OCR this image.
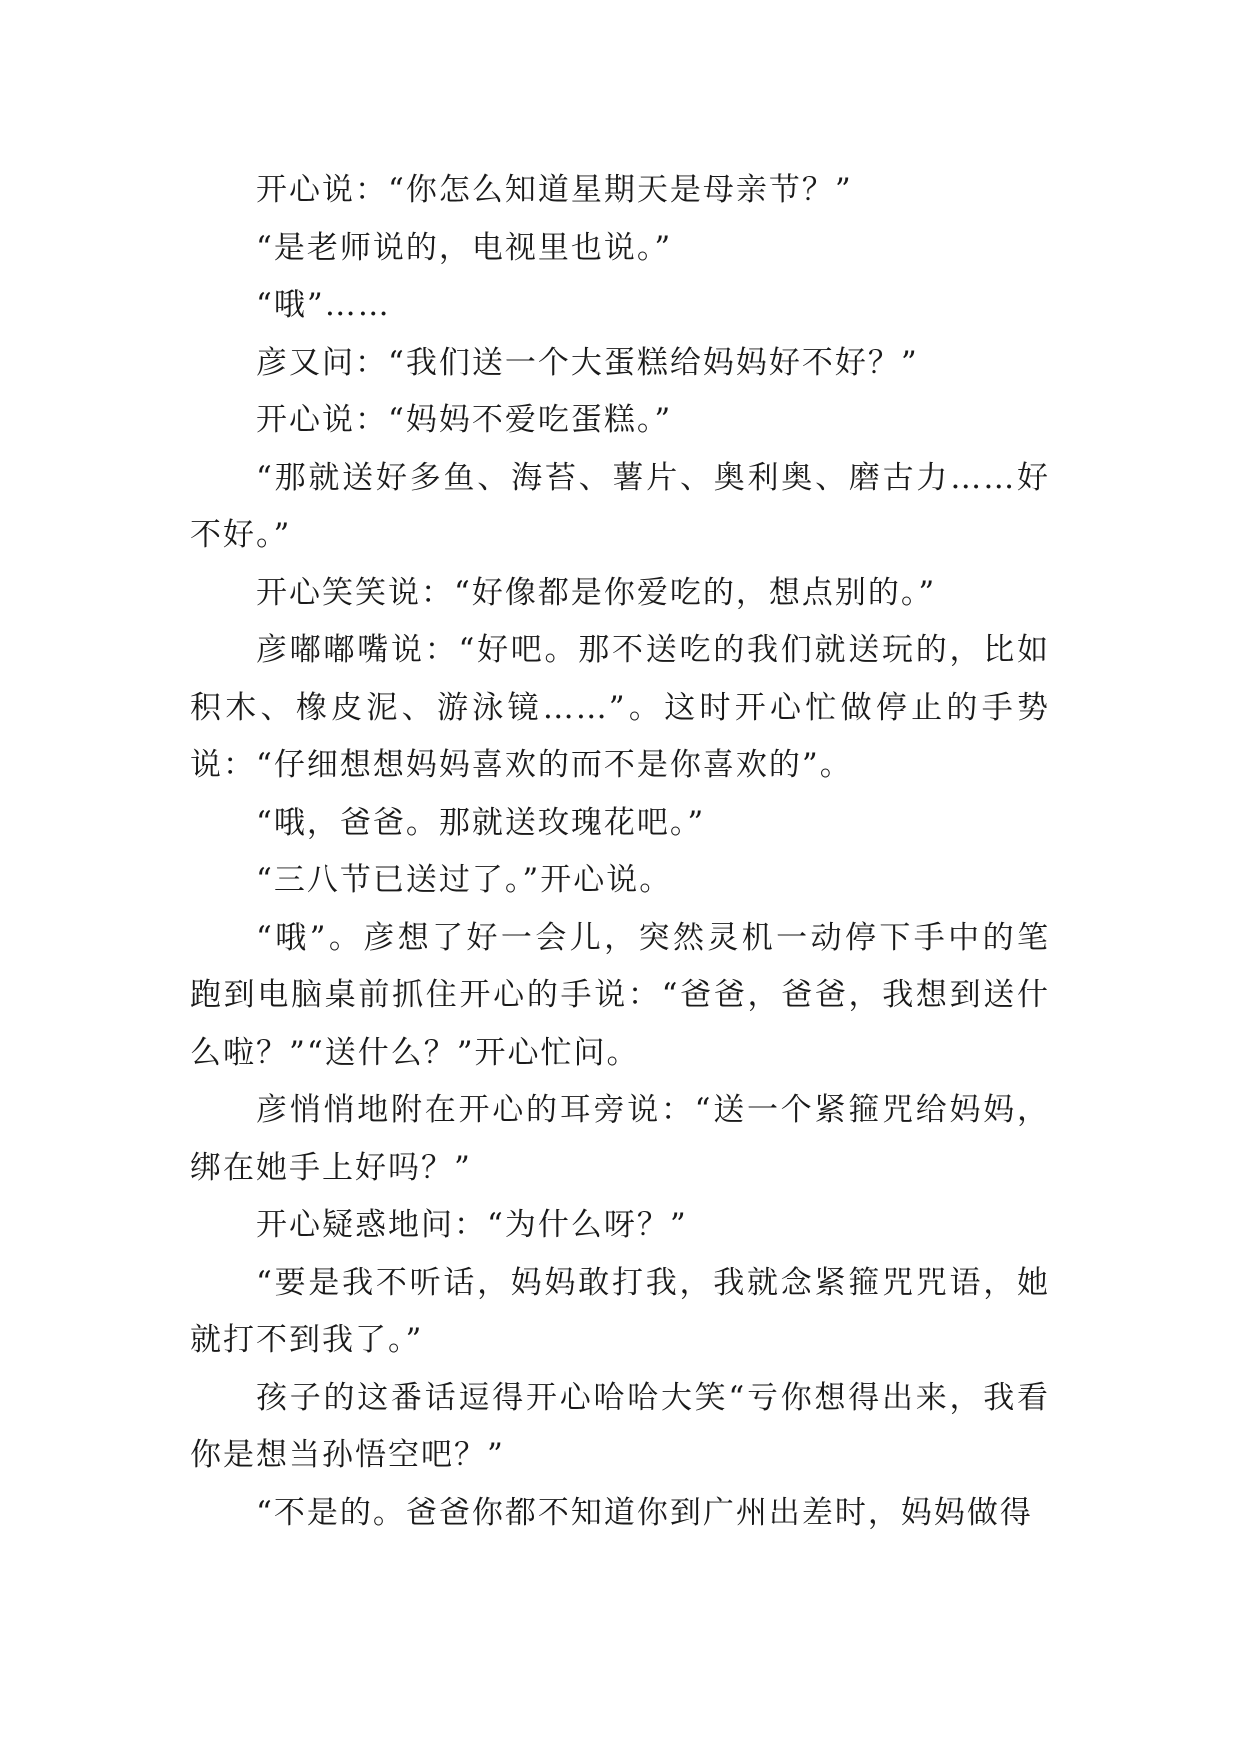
开心说：“你怎么知道星期天是母亲节？”

“是老师说的，电视里也说。”

“哦”……

彦又问：“我们送一个大蛋糕给妈妈好不好？”

开心说：“妈妈不爱吃蛋糕。”

“那就送好多鱼、海苔、薯片、奥利奥、磨古力……好不好。”

开心笑笑说：“好像都是你爱吃的，想点别的。”

彦嘟嘟嘴说：“好吧。那不送吃的我们就送玩的，比如积木、橡皮泥、游泳镜……”。这时开心忙做停止的手势说：“仔细想想妈妈喜欢的而不是你喜欢的”。

“哦，爸爸。那就送玫瑰花吧。”

“三八节已送过了。”开心说。

“哦”。彦想了好一会儿，突然灵机一动停下手中的笔跑到电脑桌前抓住开心的手说：“爸爸，爸爸，我想到送什么啦？”“送什么？”开心忙问。

彦悄悄地附在开心的耳旁说：“送一个紧箍咒给妈妈，绑在她手上好吗？”

开心疑惑地问：“为什么呀？”

“要是我不听话，妈妈敢打我，我就念紧箍咒咒语，她就打不到我了。”

孩子的这番话逗得开心哈哈大笑“亏你想得出来，我看你是想当孙悟空吧？”

“不是的。爸爸你都不知道你到广州出差时，妈妈做得
